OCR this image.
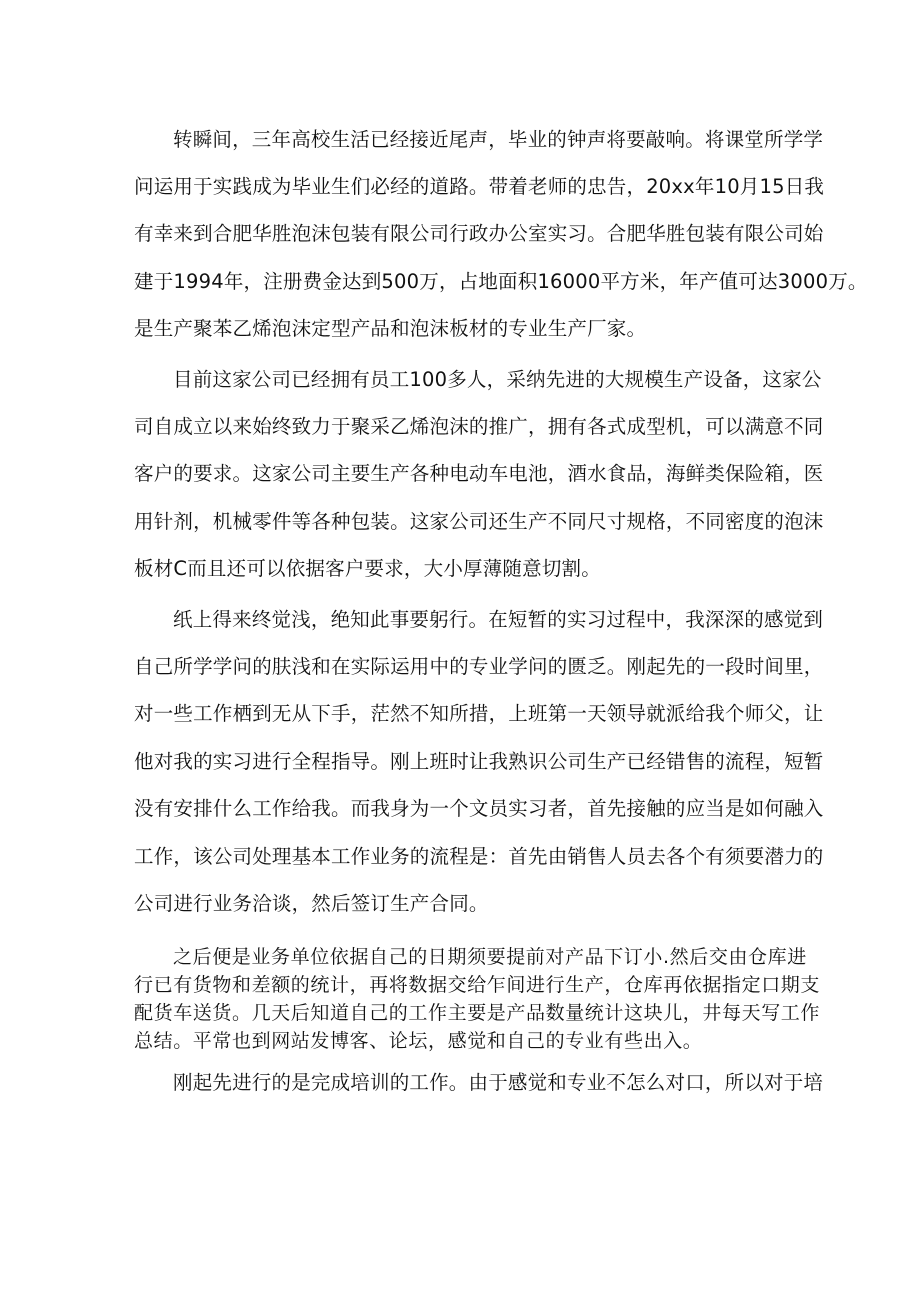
转瞬间，三年高校生活已经接近尾声，毕业的钟声将要敲响。将课堂所学学
问运用于实践成为毕业生们必经的道路。带着老师的忠告，20xx年10月15日我
有幸来到合肥华胜泡沫包装有限公司行政办公室实习。合肥华胜包装有限公司始
建于1994年，注册费金达到500万，占地面积16000平方米，年产值可达3000万。
是生产聚苯乙烯泡沫定型产品和泡沫板材的专业生产厂家。
目前这家公司已经拥有员工100多人，采纳先进的大规模生产设备，这家公
司自成立以来始终致力于聚采乙烯泡沫的推广，拥有各式成型机，可以满意不同
客户的要求。这家公司主要生产各种电动车电池，酒水食品，海鲜类保险箱，医
用针剂，机械零件等各种包装。这家公司还生产不同尺寸规格，不同密度的泡沫
板材C而且还可以依据客户要求，大小厚薄随意切割。
纸上得来终觉浅，绝知此事要躬行。在短暂的实习过程中，我深深的感觉到
自己所学学问的肤浅和在实际运用中的专业学问的匮乏。刚起先的一段时间里，
对一些工作栖到无从下手，茫然不知所措，上班第一天领导就派给我个师父，让
他对我的实习进行全程指导。刚上班时让我熟识公司生产已经错售的流程，短暂
没有安排什么工作给我。而我身为一个文员实习者，首先接触的应当是如何融入
工作，该公司处理基本工作业务的流程是：首先由销售人员去各个有须要潜力的
公司进行业务洽谈，然后签订生产合同。
之后便是业务单位依据自己的日期须要提前对产品下订小.然后交由仓库进
行已有货物和差额的统计，再将数据交给乍间进行生产，仓库再依据指定口期支
配货车送货。几天后知道自己的工作主要是产品数量统计这块儿，井每天写工作
总结。平常也到网站发博客、论坛，感觉和自己的专业有些出入。
刚起先进行的是完成培训的工作。由于感觉和专业不怎么对口，所以对于培
